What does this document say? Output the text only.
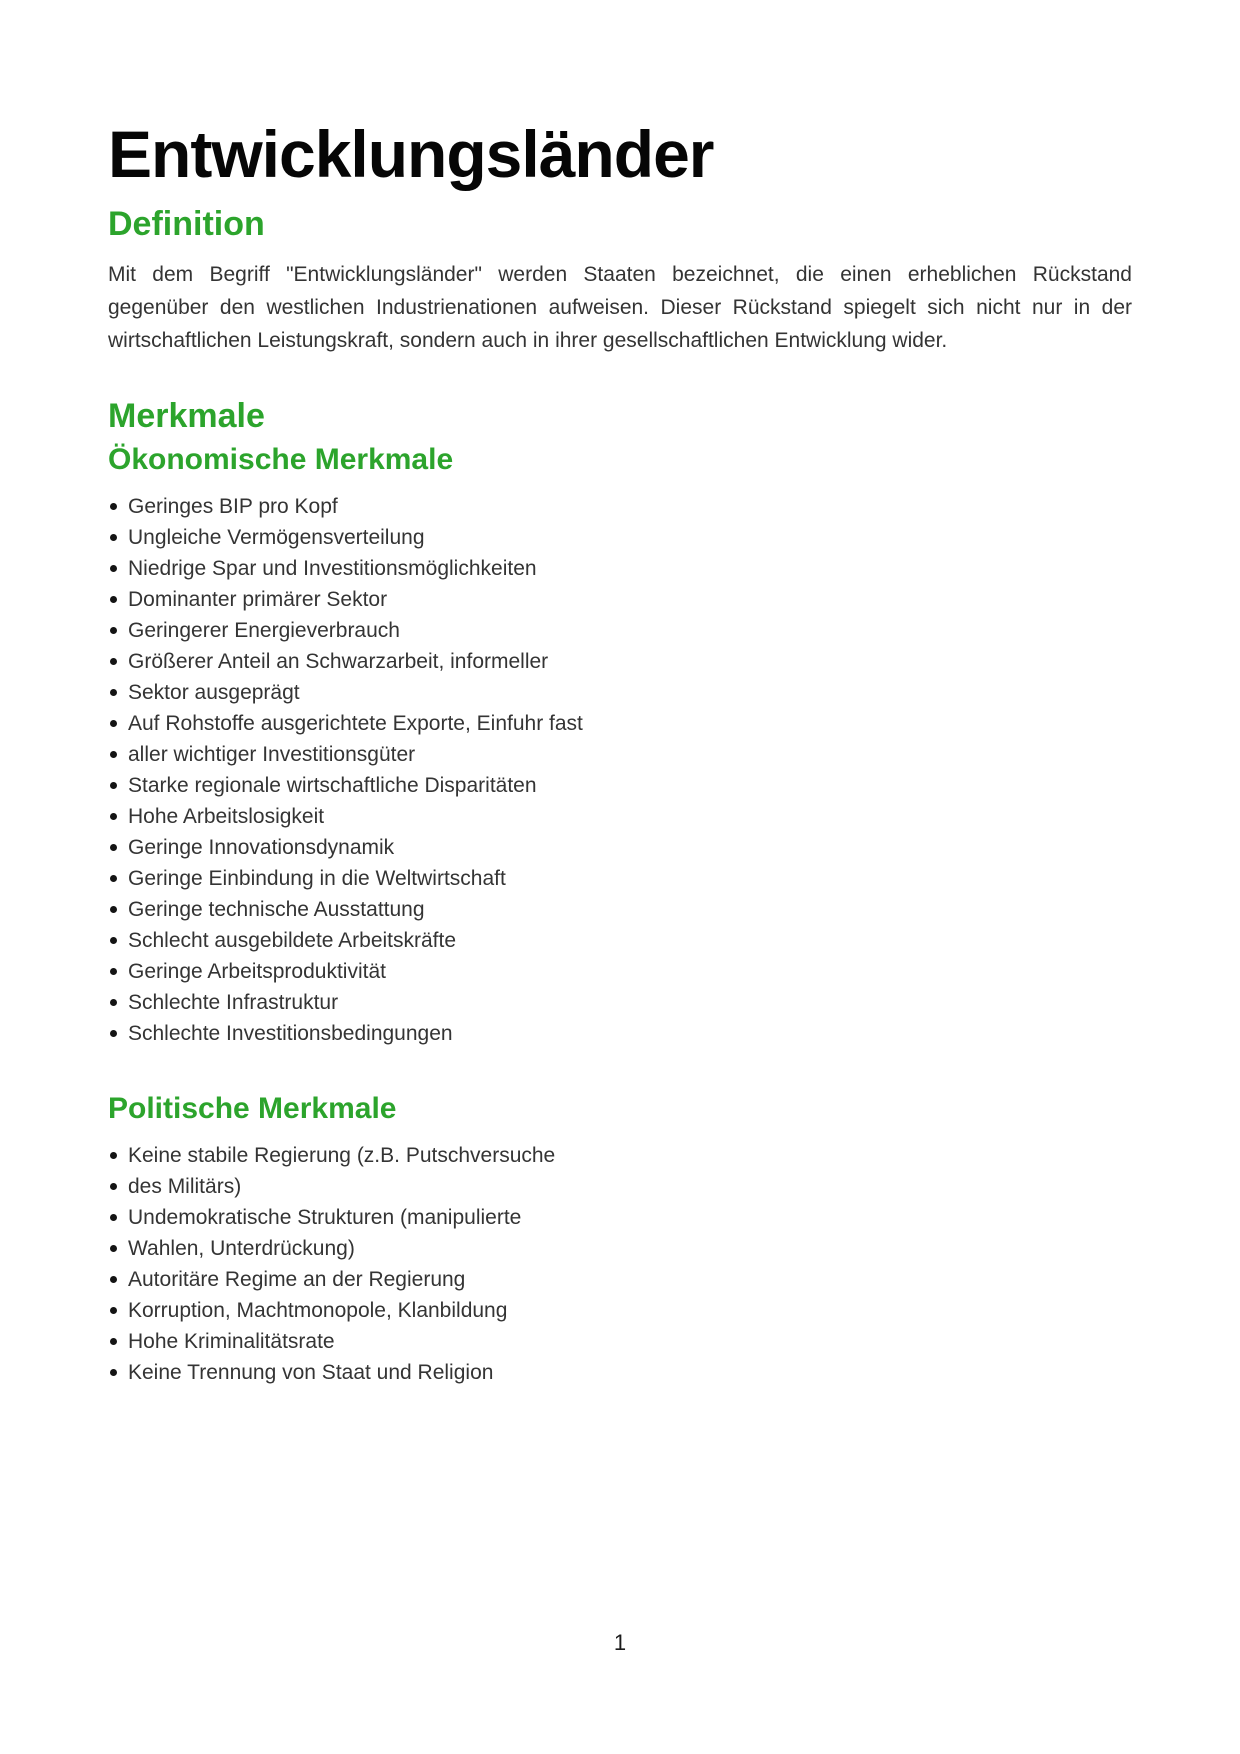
Entwicklungsländer
Definition

Mit dem Begriff "Entwicklungsländer" werden Staaten bezeichnet, die einen erheblichen Rückstand gegenüber den westlichen Industrienationen aufweisen. Dieser Rückstand spiegelt sich nicht nur in der wirtschaftlichen Leistungskraft, sondern auch in ihrer gesellschaftlichen Entwicklung wider.

Merkmale
Ökonomische Merkmale
Geringes BIP pro Kopf
Ungleiche Vermögensverteilung
Niedrige Spar und Investitionsmöglichkeiten
Dominanter primärer Sektor
Geringerer Energieverbrauch
Größerer Anteil an Schwarzarbeit, informeller
Sektor ausgeprägt
Auf Rohstoffe ausgerichtete Exporte, Einfuhr fast
aller wichtiger Investitionsgüter
Starke regionale wirtschaftliche Disparitäten
Hohe Arbeitslosigkeit
Geringe Innovationsdynamik
Geringe Einbindung in die Weltwirtschaft
Geringe technische Ausstattung
Schlecht ausgebildete Arbeitskräfte
Geringe Arbeitsproduktivität
Schlechte Infrastruktur
Schlechte Investitionsbedingungen
Politische Merkmale
Keine stabile Regierung (z.B. Putschversuche
des Militärs)
Undemokratische Strukturen (manipulierte
Wahlen, Unterdrückung)
Autoritäre Regime an der Regierung
Korruption, Machtmonopole, Klanbildung
Hohe Kriminalitätsrate
Keine Trennung von Staat und Religion
1
